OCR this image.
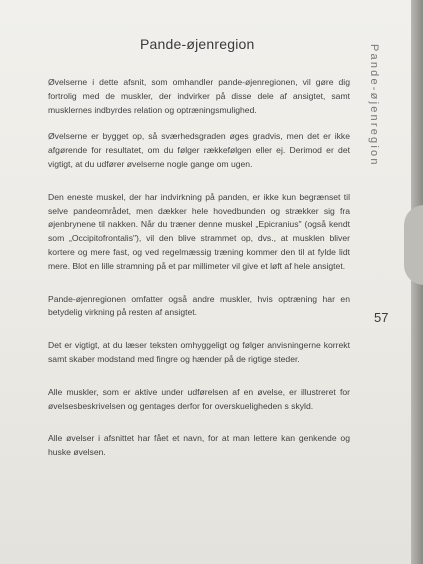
Pande-øjenregion	Pande-øjenregion
57

Øvelserne i dette afsnit, som omhandler pande-øjenregionen, vil gøre dig fortrolig med de muskler, der indvirker på disse dele af ansigtet, samt musklernes indbyrdes relation og optræningsmulighed.

Øvelserne er bygget op, så sværhedsgraden øges gradvis, men det er ikke afgørende for resultatet, om du følger rækkefølgen eller ej. Derimod er det vigtigt, at du udfører øvelserne nogle gange om ugen.

Den eneste muskel, der har indvirkning på panden, er ikke kun begrænset til selve pandeområdet, men dækker hele hovedbunden og strækker sig fra øjenbrynene til nakken. Når du træner denne muskel „Epicranius" (også kendt som „Occipitofrontalis"), vil den blive strammet op, dvs., at musklen bliver kortere og mere fast, og ved regelmæssig træning kommer den til at fylde lidt mere. Blot en lille stramning på et par millimeter vil give et løft af hele ansigtet.

Pande-øjenregionen omfatter også andre muskler, hvis optræning har en betydelig virkning på resten af ansigtet.

Det er vigtigt, at du læser teksten omhyggeligt og følger anvisningerne korrekt samt skaber modstand med fingre og hænder på de rigtige steder.

Alle muskler, som er aktive under udførelsen af en øvelse, er illustreret for øvelsesbeskrivelsen og gentages derfor for overskueligheden s skyld.

Alle øvelser i afsnittet har fået et navn, for at man lettere kan genkende og huske øvelsen.
